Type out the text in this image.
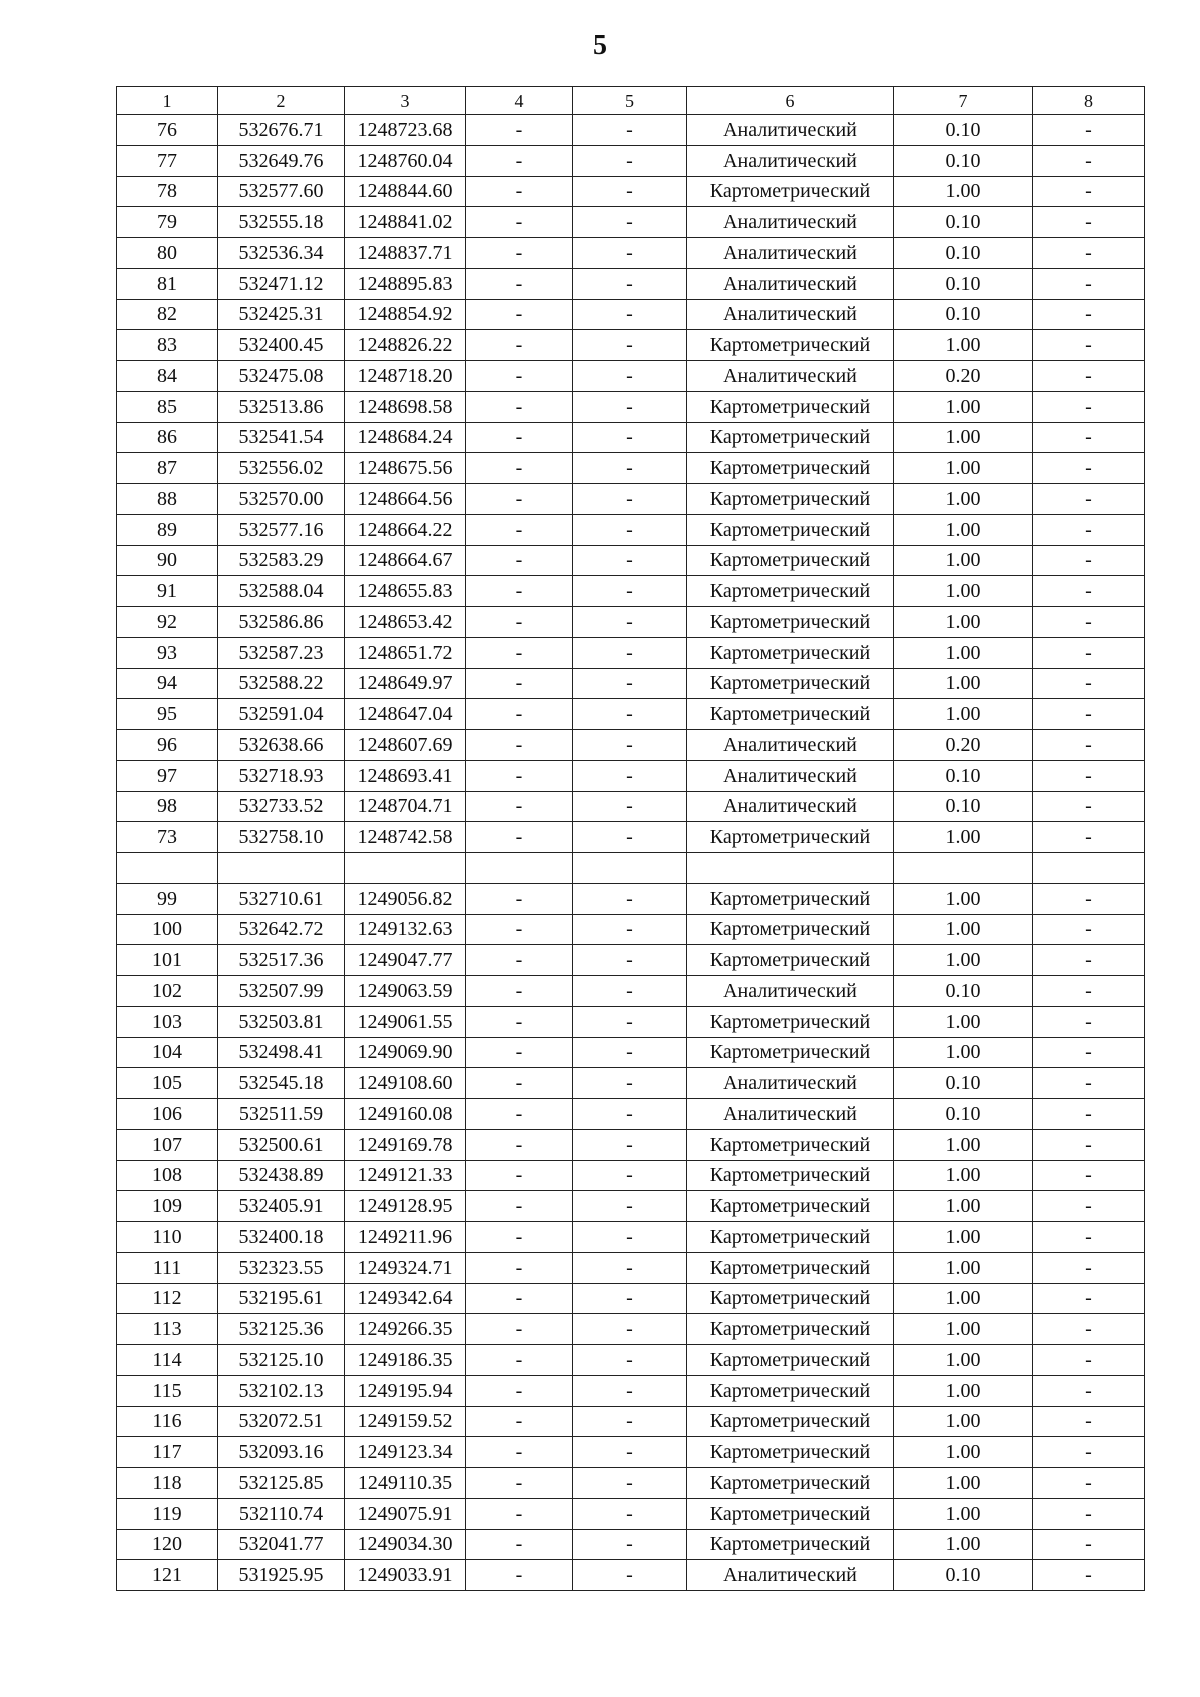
5
1	2	3	4	5	6	7	8
76	532676.71	1248723.68	-	-	Аналитический	0.10	-
77	532649.76	1248760.04	-	-	Аналитический	0.10	-
78	532577.60	1248844.60	-	-	Картометрический	1.00	-
79	532555.18	1248841.02	-	-	Аналитический	0.10	-
80	532536.34	1248837.71	-	-	Аналитический	0.10	-
81	532471.12	1248895.83	-	-	Аналитический	0.10	-
82	532425.31	1248854.92	-	-	Аналитический	0.10	-
83	532400.45	1248826.22	-	-	Картометрический	1.00	-
84	532475.08	1248718.20	-	-	Аналитический	0.20	-
85	532513.86	1248698.58	-	-	Картометрический	1.00	-
86	532541.54	1248684.24	-	-	Картометрический	1.00	-
87	532556.02	1248675.56	-	-	Картометрический	1.00	-
88	532570.00	1248664.56	-	-	Картометрический	1.00	-
89	532577.16	1248664.22	-	-	Картометрический	1.00	-
90	532583.29	1248664.67	-	-	Картометрический	1.00	-
91	532588.04	1248655.83	-	-	Картометрический	1.00	-
92	532586.86	1248653.42	-	-	Картометрический	1.00	-
93	532587.23	1248651.72	-	-	Картометрический	1.00	-
94	532588.22	1248649.97	-	-	Картометрический	1.00	-
95	532591.04	1248647.04	-	-	Картометрический	1.00	-
96	532638.66	1248607.69	-	-	Аналитический	0.20	-
97	532718.93	1248693.41	-	-	Аналитический	0.10	-
98	532733.52	1248704.71	-	-	Аналитический	0.10	-
73	532758.10	1248742.58	-	-	Картометрический	1.00	-

99	532710.61	1249056.82	-	-	Картометрический	1.00	-
100	532642.72	1249132.63	-	-	Картометрический	1.00	-
101	532517.36	1249047.77	-	-	Картометрический	1.00	-
102	532507.99	1249063.59	-	-	Аналитический	0.10	-
103	532503.81	1249061.55	-	-	Картометрический	1.00	-
104	532498.41	1249069.90	-	-	Картометрический	1.00	-
105	532545.18	1249108.60	-	-	Аналитический	0.10	-
106	532511.59	1249160.08	-	-	Аналитический	0.10	-
107	532500.61	1249169.78	-	-	Картометрический	1.00	-
108	532438.89	1249121.33	-	-	Картометрический	1.00	-
109	532405.91	1249128.95	-	-	Картометрический	1.00	-
110	532400.18	1249211.96	-	-	Картометрический	1.00	-
111	532323.55	1249324.71	-	-	Картометрический	1.00	-
112	532195.61	1249342.64	-	-	Картометрический	1.00	-
113	532125.36	1249266.35	-	-	Картометрический	1.00	-
114	532125.10	1249186.35	-	-	Картометрический	1.00	-
115	532102.13	1249195.94	-	-	Картометрический	1.00	-
116	532072.51	1249159.52	-	-	Картометрический	1.00	-
117	532093.16	1249123.34	-	-	Картометрический	1.00	-
118	532125.85	1249110.35	-	-	Картометрический	1.00	-
119	532110.74	1249075.91	-	-	Картометрический	1.00	-
120	532041.77	1249034.30	-	-	Картометрический	1.00	-
121	531925.95	1249033.91	-	-	Аналитический	0.10	-
